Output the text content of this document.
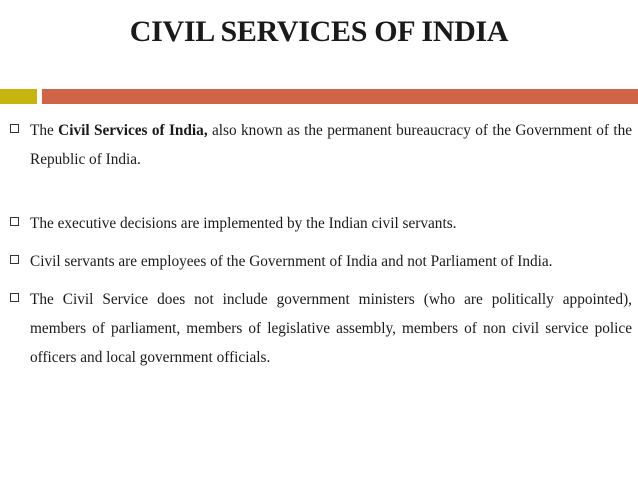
CIVIL SERVICES OF INDIA
The Civil Services of India, also known as the permanent bureaucracy of the Government of the Republic of India.
The executive decisions are implemented by the Indian civil servants.
Civil servants are employees of the Government of India and not Parliament of India.
The Civil Service does not include government ministers (who are politically appointed), members of parliament, members of legislative assembly, members of non civil service police officers and local government officials.
